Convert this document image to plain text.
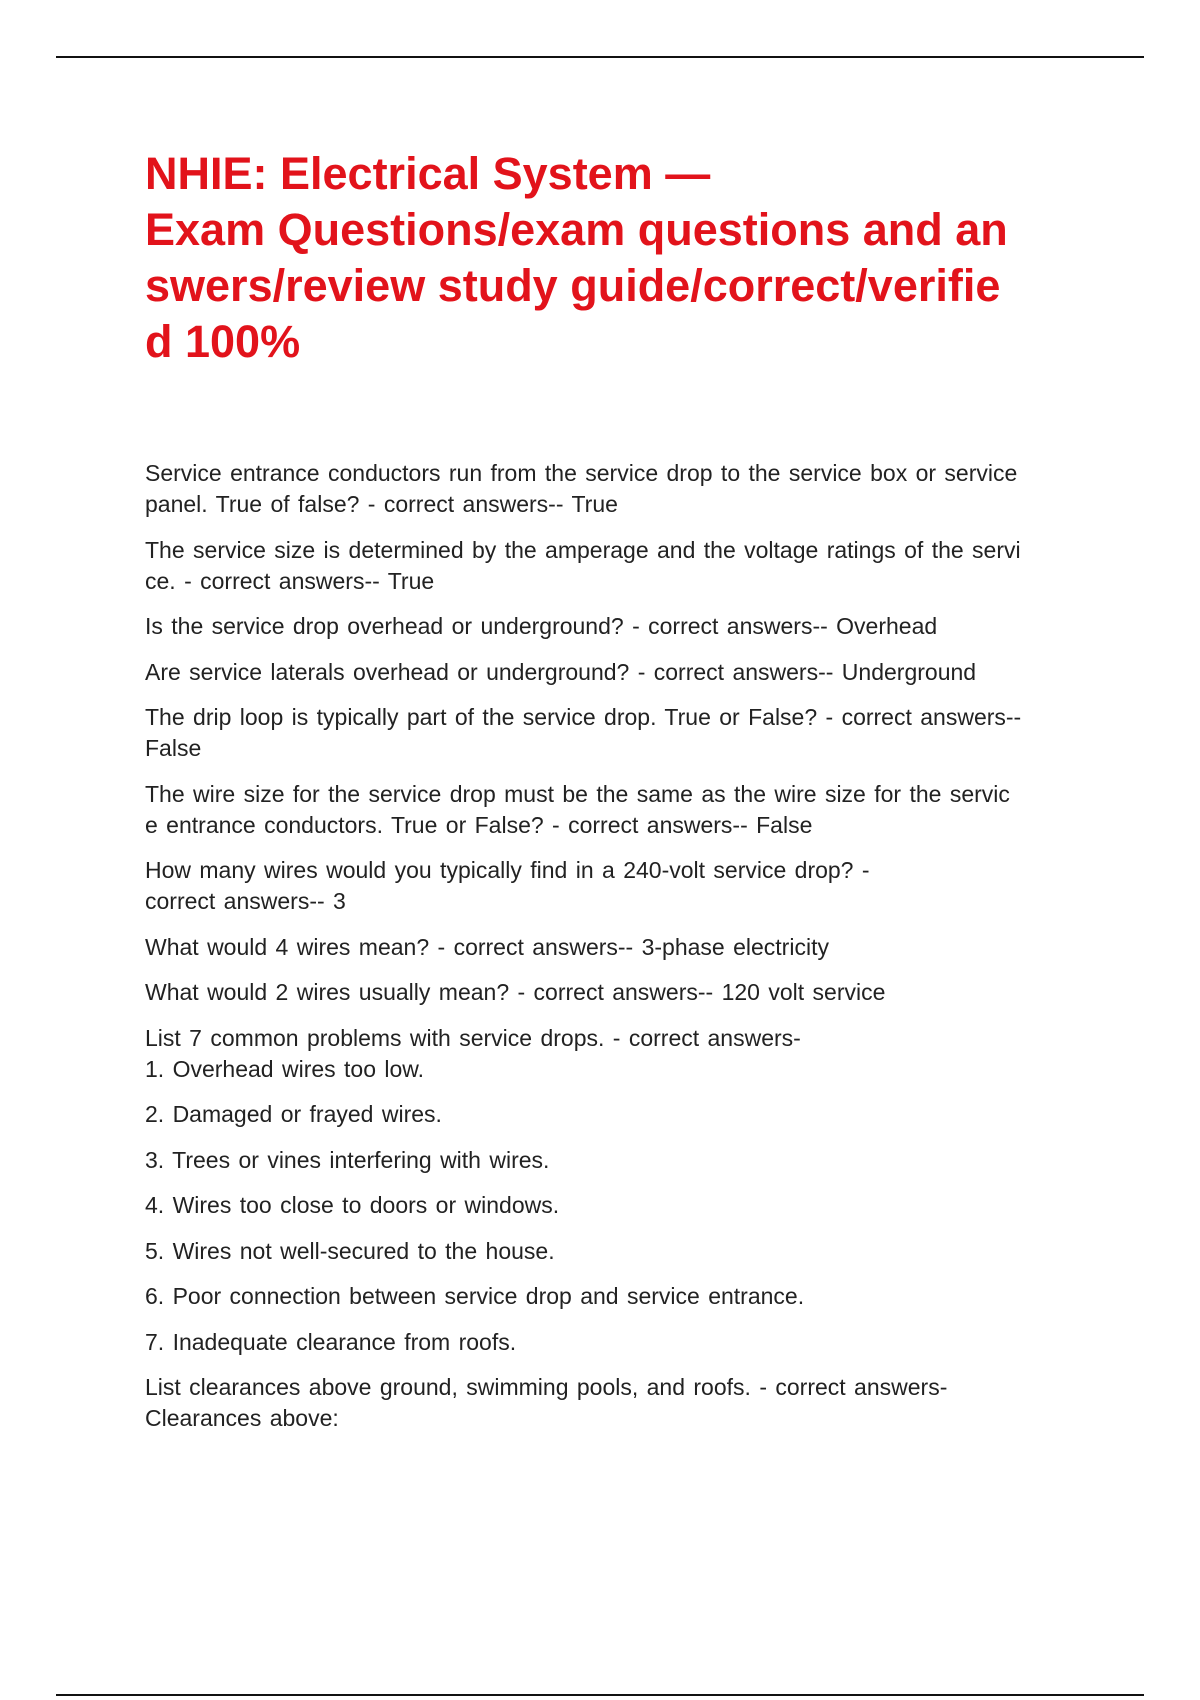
NHIE: Electrical System —
Exam Questions/exam questions and an
swers/review study guide/correct/verifie
d 100%

Service entrance conductors run from the service drop to the service box or service
panel. True of false? - correct answers-- True

The service size is determined by the amperage and the voltage ratings of the servi
ce. - correct answers-- True

Is the service drop overhead or underground? - correct answers-- Overhead

Are service laterals overhead or underground? - correct answers-- Underground

The drip loop is typically part of the service drop. True or False? - correct answers--
False

The wire size for the service drop must be the same as the wire size for the servic
e entrance conductors. True or False? - correct answers-- False

How many wires would you typically find in a 240-volt service drop? -
correct answers-- 3

What would 4 wires mean? - correct answers-- 3-phase electricity

What would 2 wires usually mean? - correct answers-- 120 volt service

List 7 common problems with service drops. - correct answers-
1. Overhead wires too low.

2. Damaged or frayed wires.

3. Trees or vines interfering with wires.

4. Wires too close to doors or windows.

5. Wires not well-secured to the house.

6. Poor connection between service drop and service entrance.

7. Inadequate clearance from roofs.

List clearances above ground, swimming pools, and roofs. - correct answers-
Clearances above:
